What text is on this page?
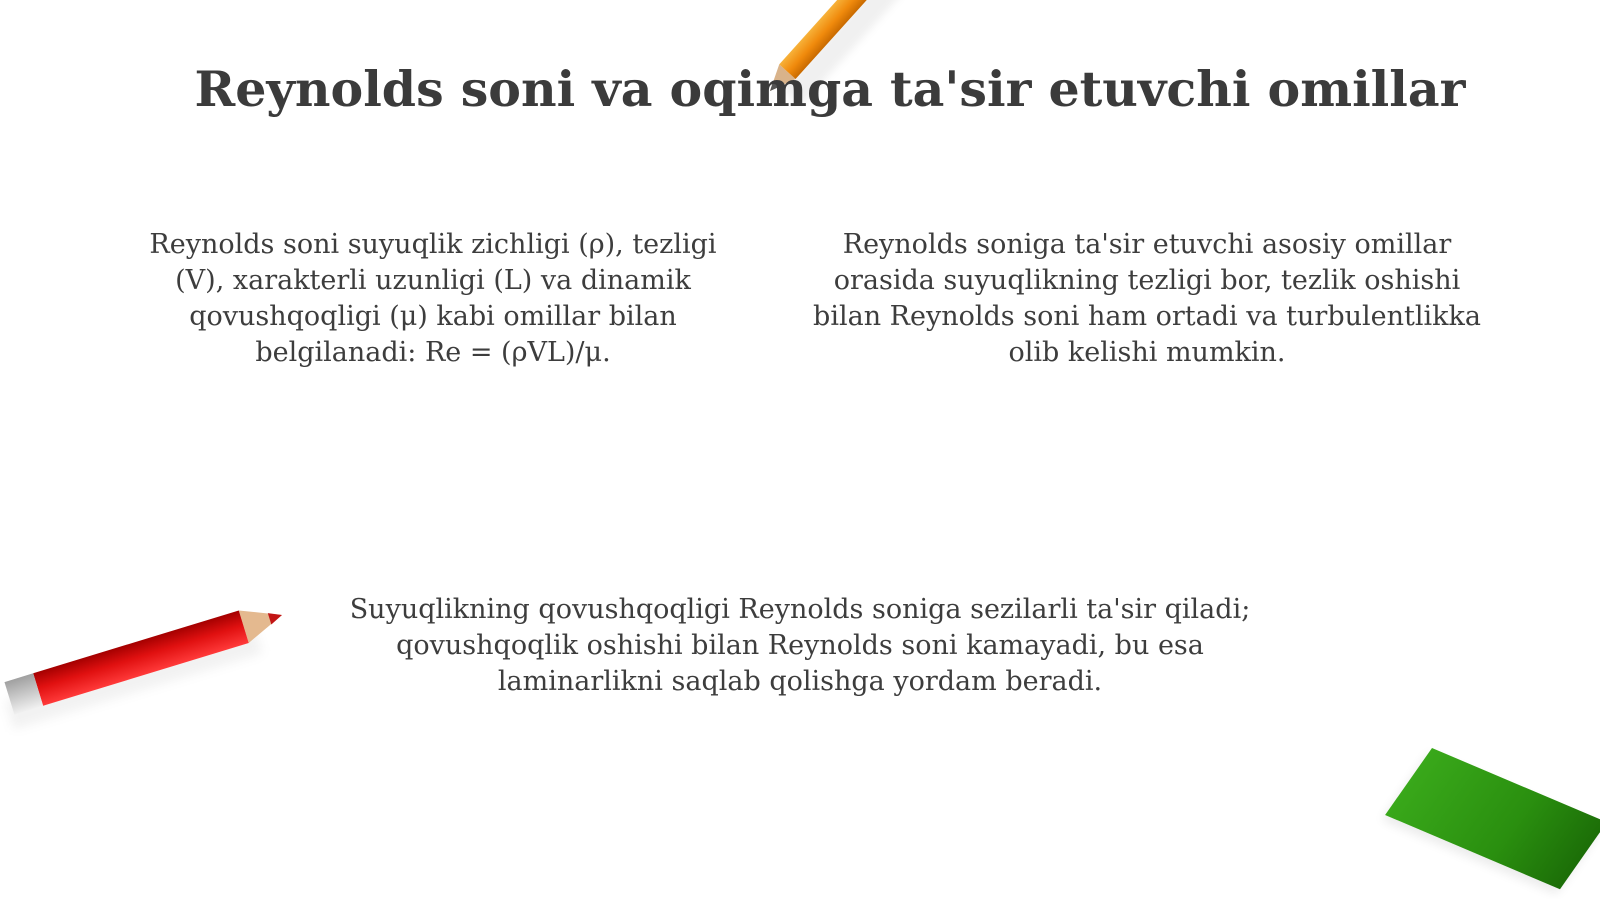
Reynolds soni va oqimga ta'sir etuvchi omillar

Reynolds soni suyuqlik zichligi (ρ), tezligi (V), xarakterli uzunligi (L) va dinamik qovushqoqligi (μ) kabi omillar bilan belgilanadi: Re = (ρVL)/μ.

Reynolds soniga ta'sir etuvchi asosiy omillar orasida suyuqlikning tezligi bor, tezlik oshishi bilan Reynolds soni ham ortadi va turbulentlikka olib kelishi mumkin.

Suyuqlikning qovushqoqligi Reynolds soniga sezilarli ta'sir qiladi; qovushqoqlik oshishi bilan Reynolds soni kamayadi, bu esa laminarlikni saqlab qolishga yordam beradi.
